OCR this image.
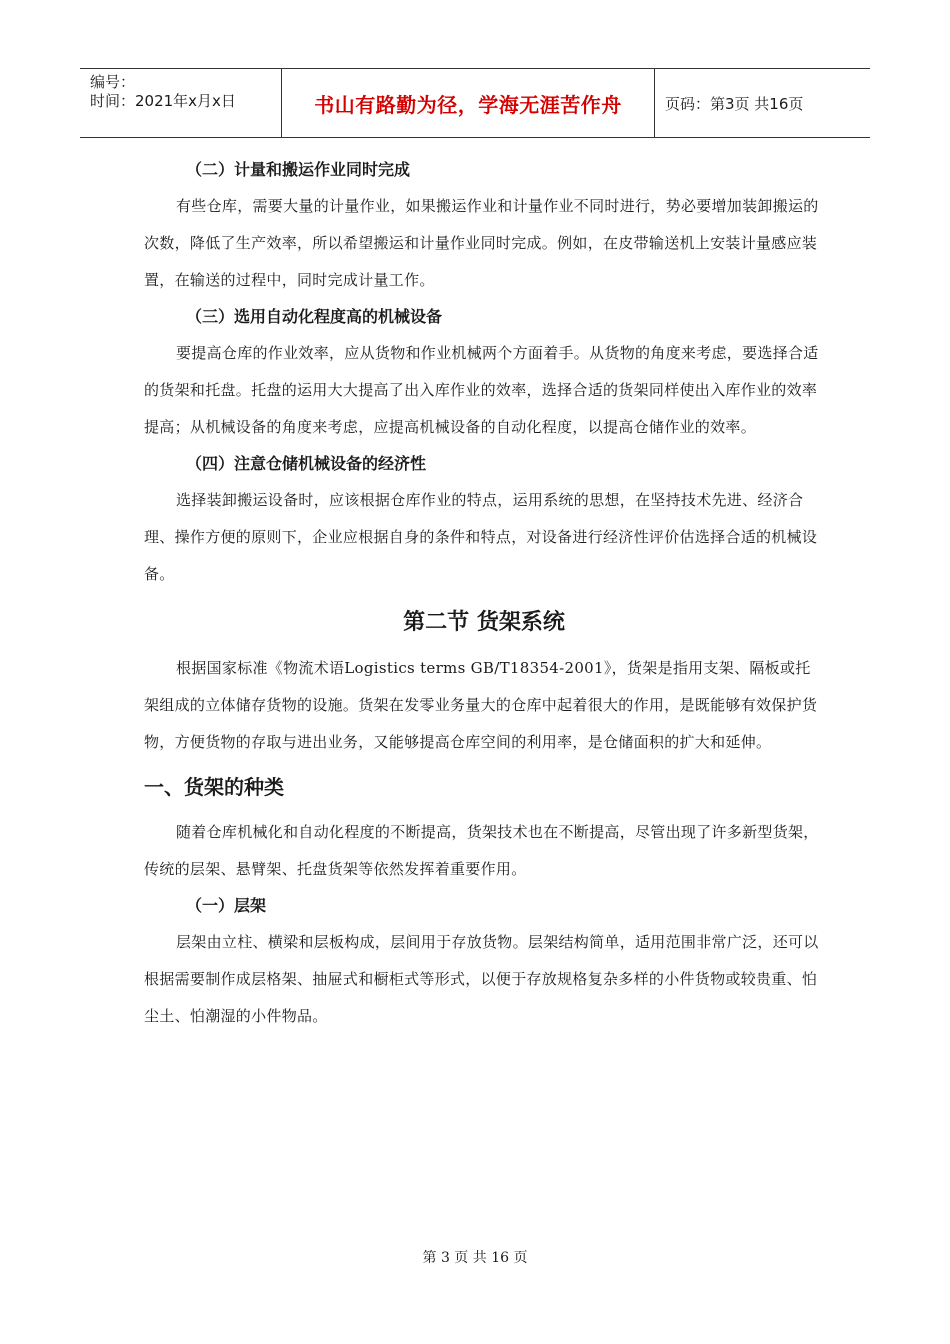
编号：
时间：2021年x月x日	书山有路勤为径，学海无涯苦作舟	页码：第3页 共16页
（二）计量和搬运作业同时完成

有些仓库，需要大量的计量作业，如果搬运作业和计量作业不同时进行，势必要增加装卸搬运的次数，降低了生产效率，所以希望搬运和计量作业同时完成。例如，在皮带输送机上安装计量感应装置，在输送的过程中，同时完成计量工作。

（三）选用自动化程度高的机械设备

要提高仓库的作业效率，应从货物和作业机械两个方面着手。从货物的角度来考虑，要选择合适的货架和托盘。托盘的运用大大提高了出入库作业的效率，选择合适的货架同样使出入库作业的效率提高；从机械设备的角度来考虑，应提高机械设备的自动化程度，以提高仓储作业的效率。

（四）注意仓储机械设备的经济性

选择装卸搬运设备时，应该根据仓库作业的特点，运用系统的思想，在坚持技术先进、经济合理、操作方便的原则下，企业应根据自身的条件和特点，对设备进行经济性评价估选择合适的机械设备。

第二节 货架系统

根据国家标准《物流术语Logistics terms GB/T18354-2001》，货架是指用支架、隔板或托架组成的立体储存货物的设施。货架在发零业务量大的仓库中起着很大的作用，是既能够有效保护货物，方便货物的存取与进出业务，又能够提高仓库空间的利用率，是仓储面积的扩大和延伸。

一、货架的种类

随着仓库机械化和自动化程度的不断提高，货架技术也在不断提高，尽管出现了许多新型货架，传统的层架、悬臂架、托盘货架等依然发挥着重要作用。

（一）层架

层架由立柱、横梁和层板构成，层间用于存放货物。层架结构简单，适用范围非常广泛，还可以根据需要制作成层格架、抽屉式和橱柜式等形式，以便于存放规格复杂多样的小件货物或较贵重、怕尘土、怕潮湿的小件物品。

第 3 页 共 16 页
